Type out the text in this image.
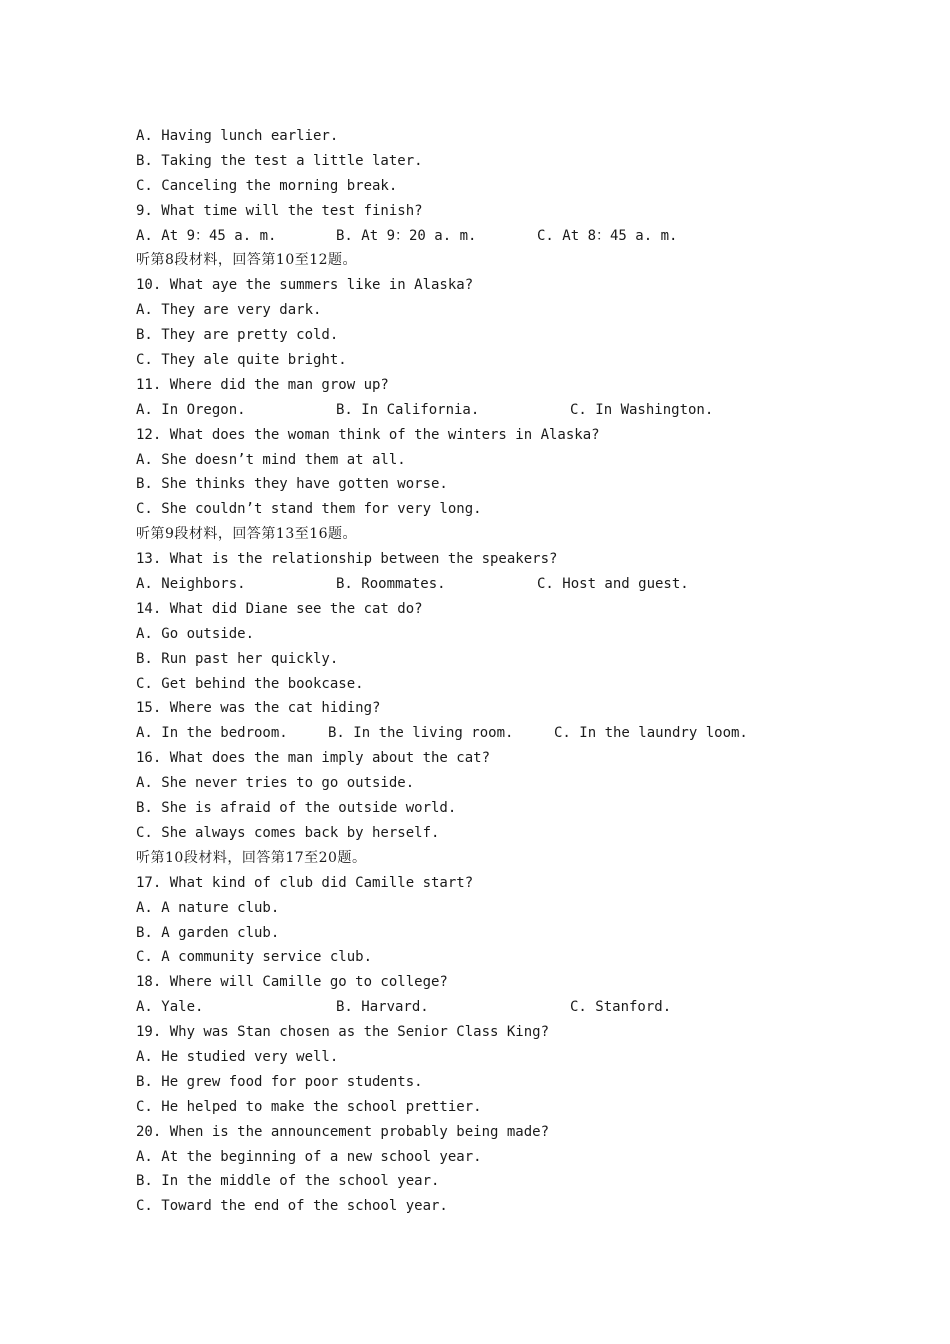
A. Having lunch earlier.
B. Taking the test a little later.
C. Canceling the morning break.
9. What time will the test finish?

A. At 9：45 a. m.

	B. At 9：20 a. m.

	C. At 8：45 a. m.

听第8段材料，回答第10至12题。
10. What aye the summers like in Alaska?
A. They are very dark.
B. They are pretty cold.
C. They ale quite bright.
11. Where did the man grow up?

A. In Oregon.

	B. In California.

	C. In Washington.

12. What does the woman think of the winters in Alaska?
A. She doesn’t mind them at all.
B. She thinks they have gotten worse.
C. She couldn’t stand them for very long.
听第9段材料，回答第13至16题。
13. What is the relationship between the speakers?

A. Neighbors.

	B. Roommates.

	C. Host and guest.

14. What did Diane see the cat do?
A. Go outside.
B. Run past her quickly.
C. Get behind the bookcase.
15. Where was the cat hiding?

A. In the bedroom.

	B. In the living room.

	C. In the laundry loom.

16. What does the man imply about the cat?
A. She never tries to go outside.
B. She is afraid of the outside world.
C. She always comes back by herself.
听第10段材料，回答第17至20题。
17. What kind of club did Camille start?
A. A nature club.
B. A garden club.
C. A community service club.
18. Where will Camille go to college?

A. Yale.

	B. Harvard.

	C. Stanford.

19. Why was Stan chosen as the Senior Class King?
A. He studied very well.
B. He grew food for poor students.
C. He helped to make the school prettier.
20. When is the announcement probably being made?
A. At the beginning of a new school year.
B. In the middle of the school year.
C. Toward the end of the school year.
